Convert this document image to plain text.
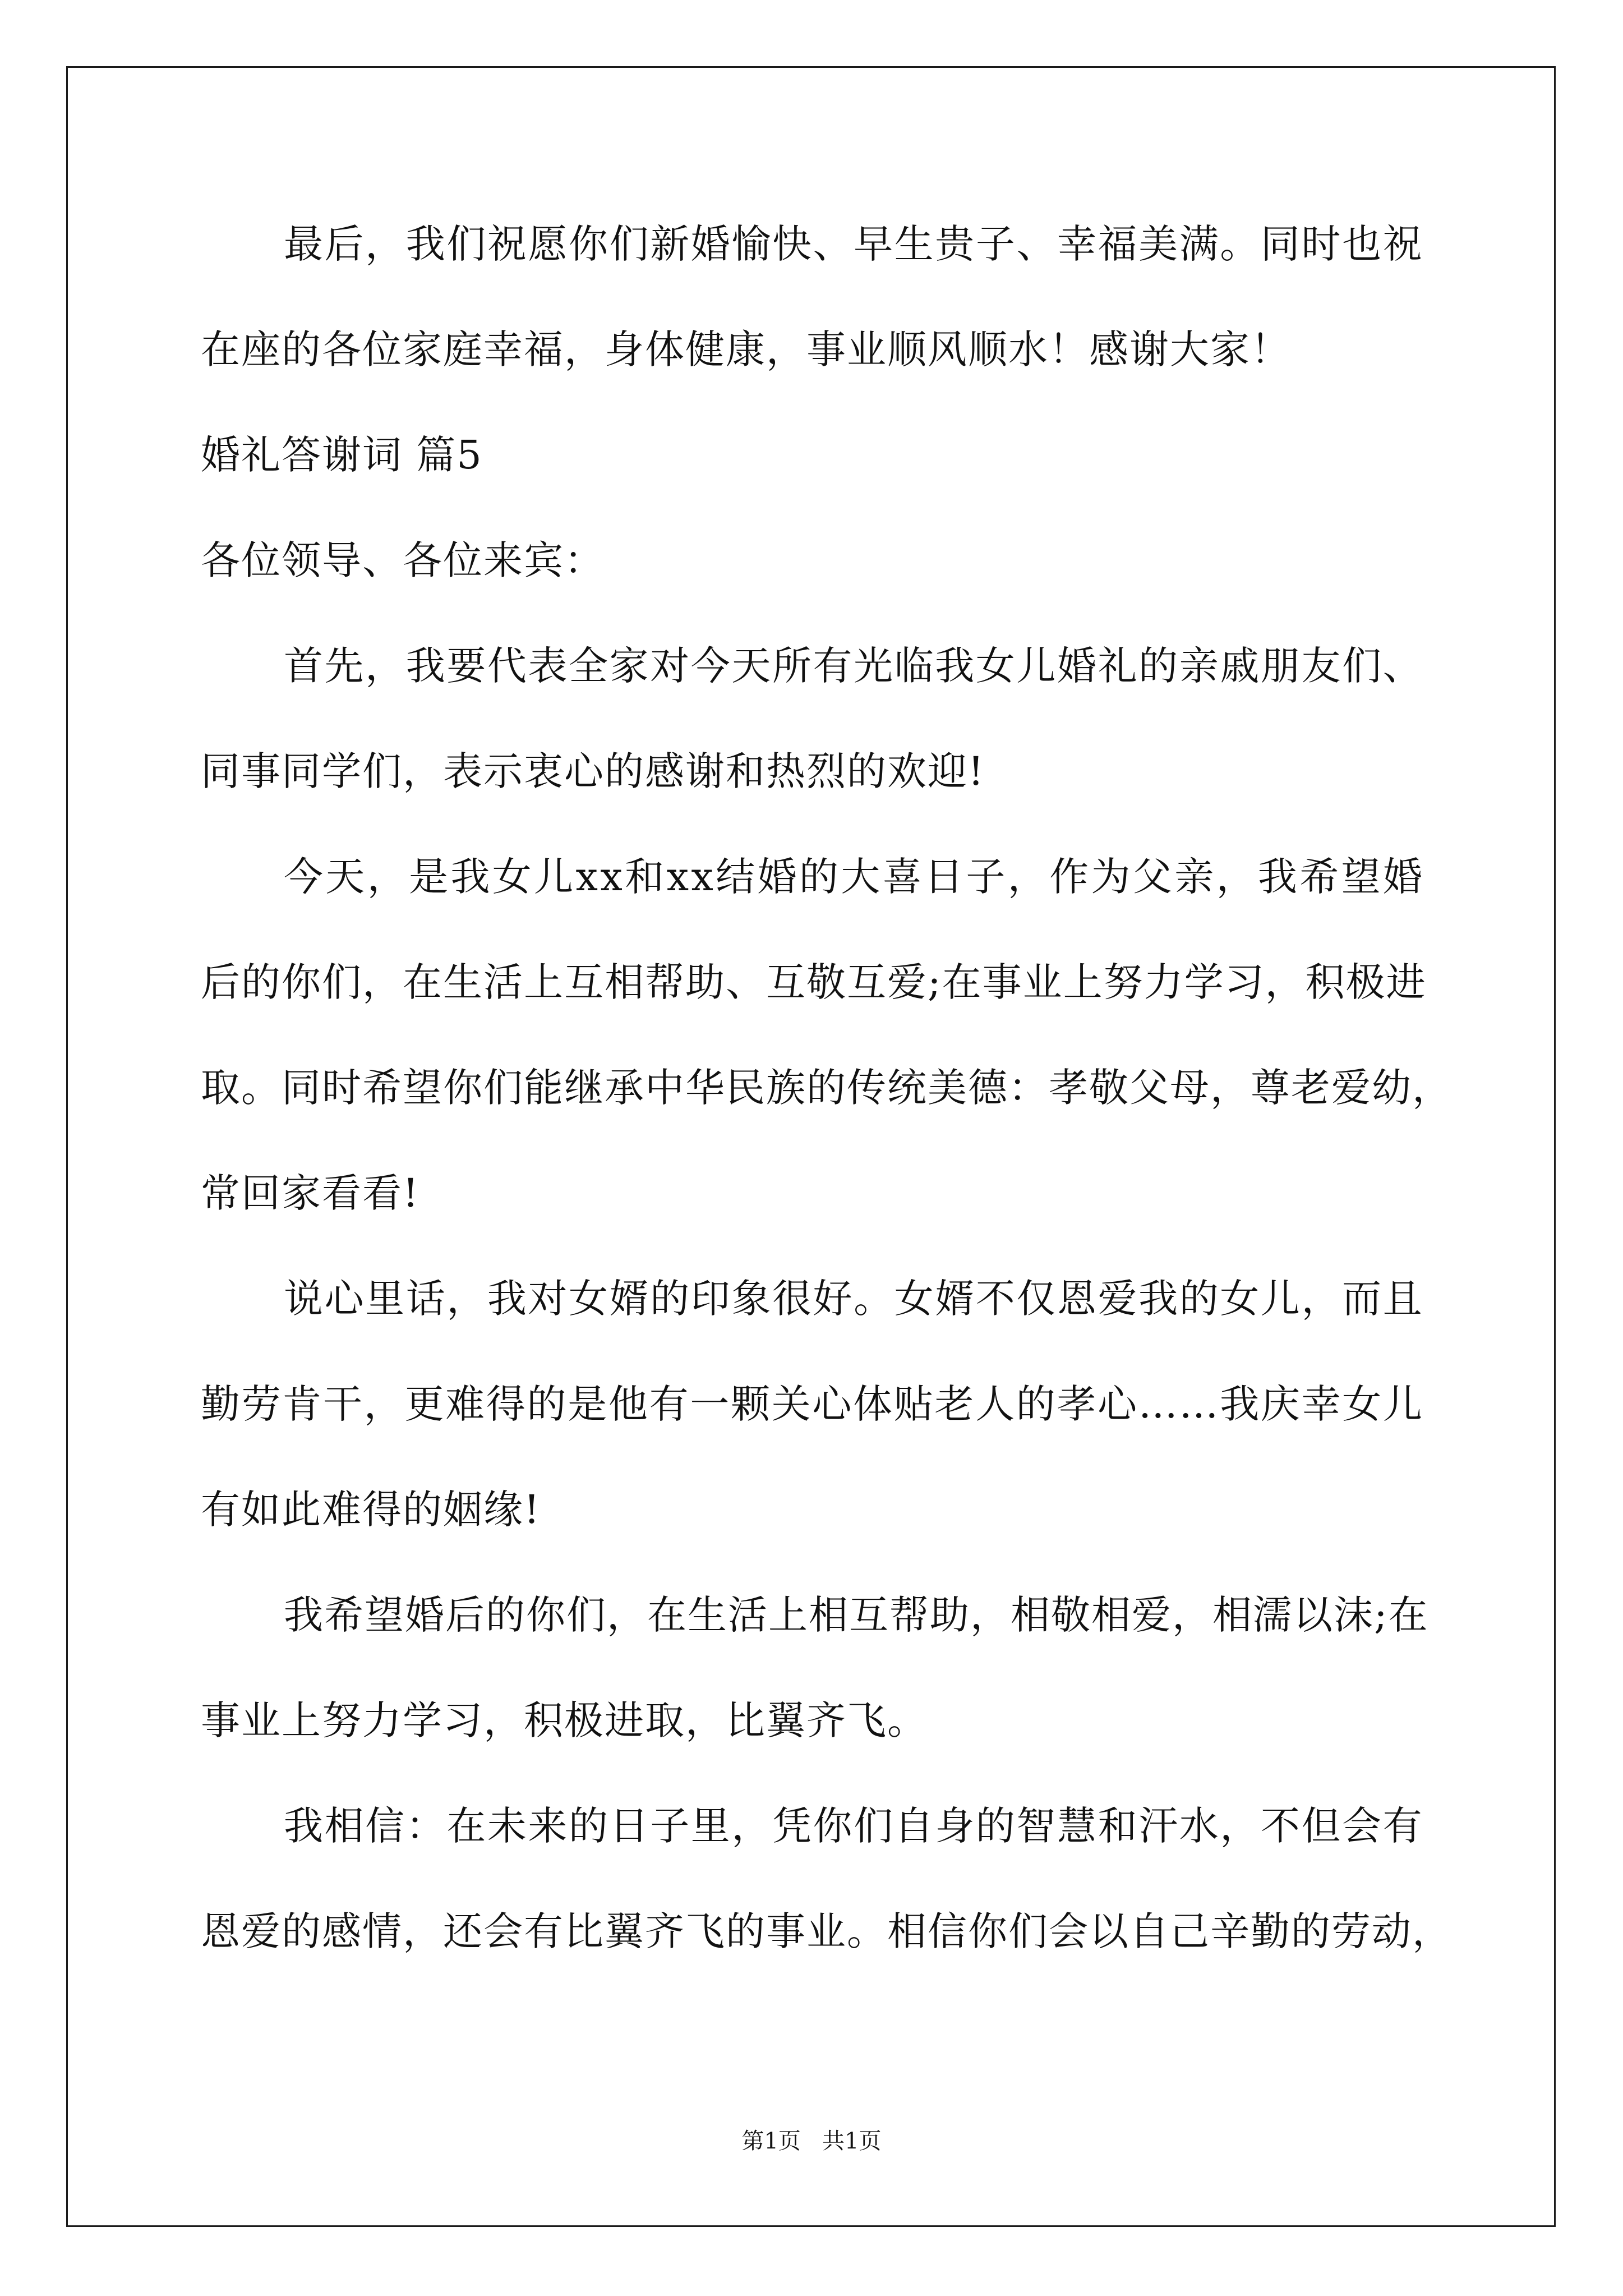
最 后 ， 我 们 祝 愿 你 们 新 婚 愉 快 、 早 生 贵 子 、 幸 福 美 满 。 同 时 也 祝
在座的各位家庭幸福，身体健康，事业顺风顺水！感谢大家！
婚礼答谢词 篇5
各位领导、各位来宾：
首 先 ， 我 要 代 表 全 家 对 今 天 所 有 光 临 我 女 儿 婚 礼 的 亲 戚 朋 友 们 、
同事同学们，表示衷心的感谢和热烈的欢迎!
今 天 ， 是 我 女 儿 x x 和 x x 结 婚 的 大 喜 日 子 ， 作 为 父 亲 ， 我 希 望 婚
后 的 你 们 ， 在 生 活 上 互 相 帮 助 、 互 敬 互 爱 ; 在 事 业 上 努 力 学 习 ， 积 极 进
取 。 同 时 希 望 你 们 能 继 承 中 华 民 族 的 传 统 美 德 ： 孝 敬 父 母 ， 尊 老 爱 幼 ，
常回家看看!
说 心 里 话 ， 我 对 女 婿 的 印 象 很 好 。 女 婿 不 仅 恩 爱 我 的 女 儿 ， 而 且
勤 劳 肯 干 ， 更 难 得 的 是 他 有 一 颗 关 心 体 贴 老 人 的 孝 心 … … 我 庆 幸 女 儿
有如此难得的姻缘!
我 希 望 婚 后 的 你 们 ， 在 生 活 上 相 互 帮 助 ， 相 敬 相 爱 ， 相 濡 以 沫 ; 在
事业上努力学习，积极进取，比翼齐飞。
我 相 信 ： 在 未 来 的 日 子 里 ， 凭 你 们 自 身 的 智 慧 和 汗 水 ， 不 但 会 有
恩爱的感情，还会有比翼齐飞的事业。相信你们会以自己辛勤的劳动，
第1页   共1页
